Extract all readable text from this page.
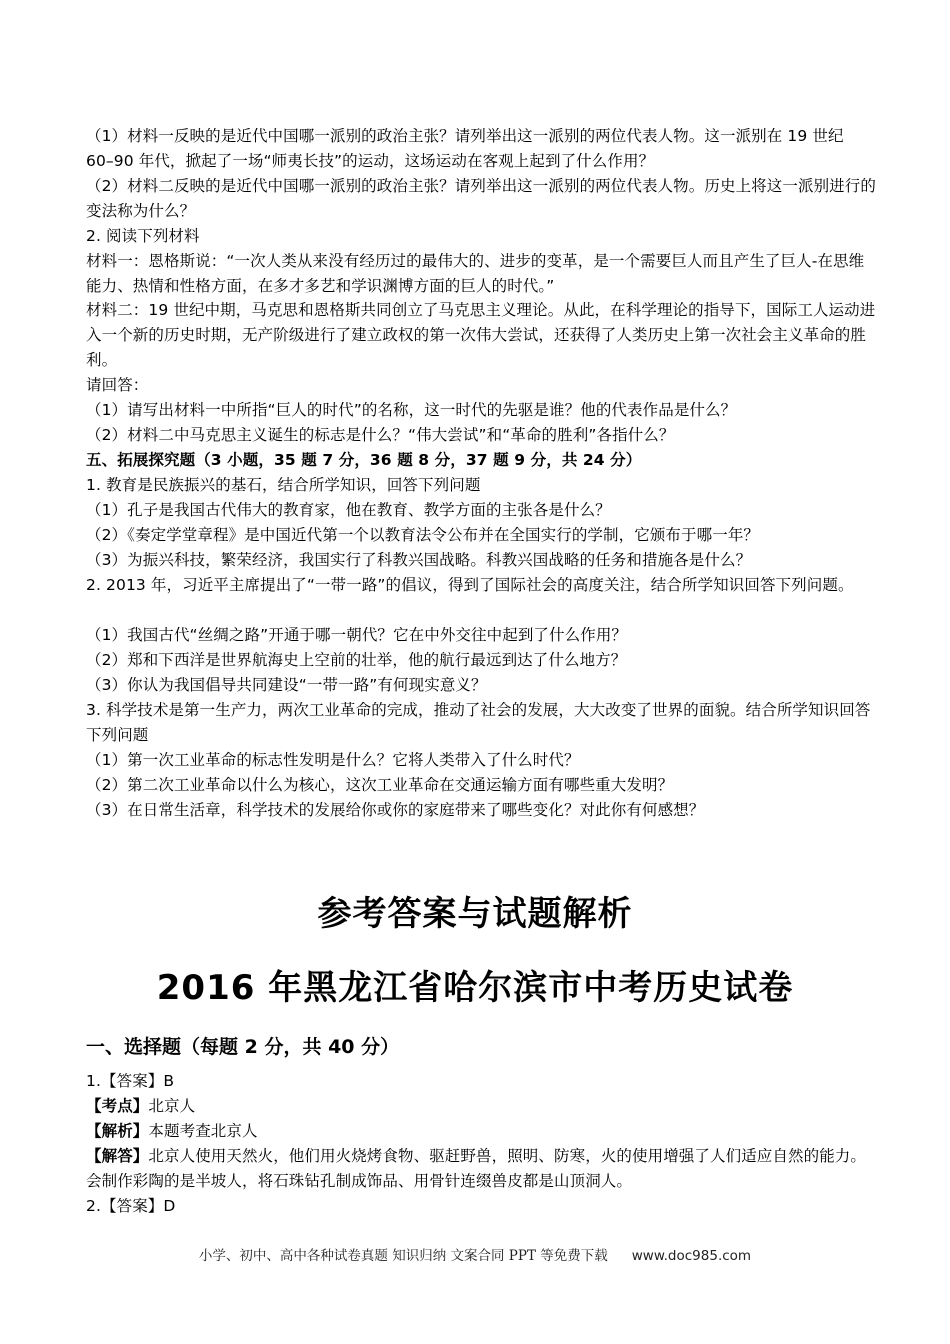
（1）材料一反映的是近代中国哪一派别的政治主张？请列举出这一派别的两位代表人物。这一派别在 19 世纪 60–90 年代，掀起了一场“师夷长技”的运动，这场运动在客观上起到了什么作用？
（2）材料二反映的是近代中国哪一派别的政治主张？请列举出这一派别的两位代表人物。历史上将这一派别进行的变法称为什么？
2. 阅读下列材料
材料一：恩格斯说：“一次人类从来没有经历过的最伟大的、进步的变革，是一个需要巨人而且产生了巨人-在思维能力、热情和性格方面，在多才多艺和学识渊博方面的巨人的时代。”
材料二：19 世纪中期，马克思和恩格斯共同创立了马克思主义理论。从此，在科学理论的指导下，国际工人运动进入一个新的历史时期，无产阶级进行了建立政权的第一次伟大尝试，还获得了人类历史上第一次社会主义革命的胜利。
请回答：
（1）请写出材料一中所指“巨人的时代”的名称，这一时代的先驱是谁？他的代表作品是什么？
（2）材料二中马克思主义诞生的标志是什么？“伟大尝试”和“革命的胜利”各指什么？
五、拓展探究题（3 小题，35 题 7 分，36 题 8 分，37 题 9 分，共 24 分）
1. 教育是民族振兴的基石，结合所学知识，回答下列问题
（1）孔子是我国古代伟大的教育家，他在教育、教学方面的主张各是什么？
（2）《奏定学堂章程》是中国近代第一个以教育法令公布并在全国实行的学制，它颁布于哪一年？
（3）为振兴科技，繁荣经济，我国实行了科教兴国战略。科教兴国战略的任务和措施各是什么？
2. 2013 年，习近平主席提出了“一带一路”的倡议，得到了国际社会的高度关注，结合所学知识回答下列问题。
（1）我国古代“丝绸之路”开通于哪一朝代？它在中外交往中起到了什么作用？
（2）郑和下西洋是世界航海史上空前的壮举，他的航行最远到达了什么地方？
（3）你认为我国倡导共同建设“一带一路”有何现实意义？
3. 科学技术是第一生产力，两次工业革命的完成，推动了社会的发展，大大改变了世界的面貌。结合所学知识回答下列问题
（1）第一次工业革命的标志性发明是什么？它将人类带入了什么时代？
（2）第二次工业革命以什么为核心，这次工业革命在交通运输方面有哪些重大发明？
（3）在日常生活章，科学技术的发展给你或你的家庭带来了哪些变化？对此你有何感想？
参考答案与试题解析
2016 年黑龙江省哈尔滨市中考历史试卷
一、选择题（每题 2 分，共 40 分）
1.【答案】B
【考点】北京人
【解析】本题考查北京人
【解答】北京人使用天然火，他们用火烧烤食物、驱赶野兽，照明、防寒，火的使用增强了人们适应自然的能力。会制作彩陶的是半坡人，将石珠钻孔制成饰品、用骨针连缀兽皮都是山顶洞人。
2.【答案】D
小学、初中、高中各种试卷真题 知识归纳 文案合同 PPT 等免费下载 www.doc985.com
